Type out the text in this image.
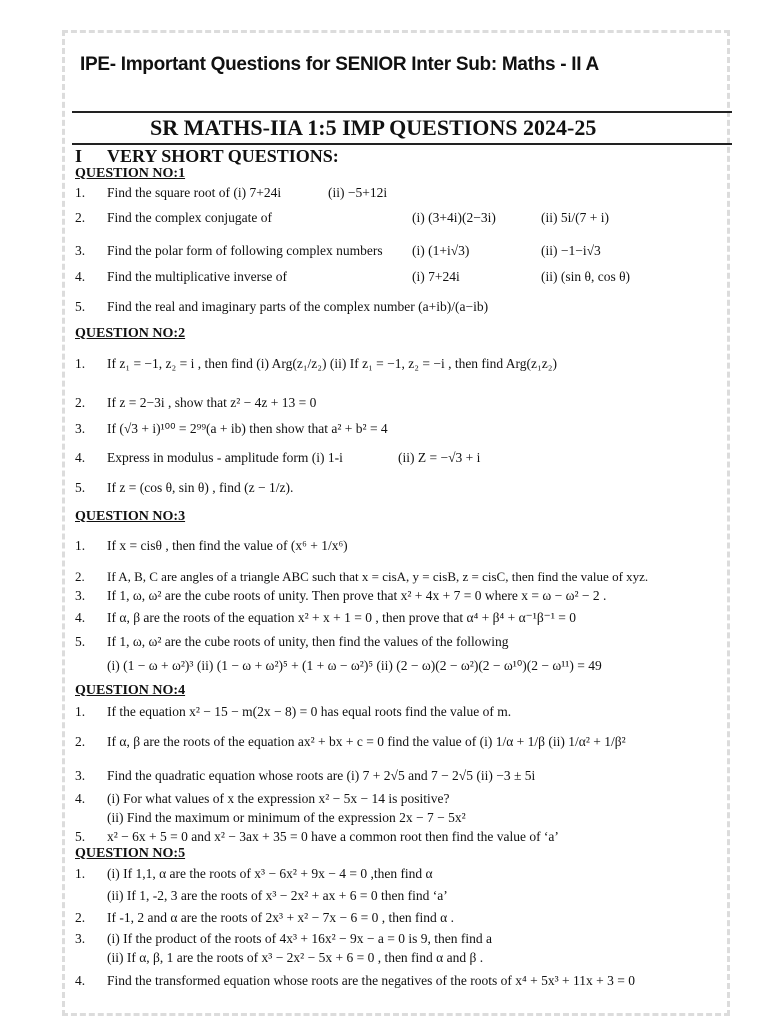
IPE- Important Questions for SENIOR Inter Sub: Maths - II A
SR MATHS-IIA 1:5 IMP QUESTIONS 2024-25
I VERY SHORT QUESTIONS:
QUESTION NO:1
1. Find the square root of (i) 7+24i	(ii) −5+12i
2. Find the complex conjugate of	(i) (3+4i)(2−3i)	(ii) 5i/(7 + i)
3. Find the polar form of following complex numbers (i) (1+i√3)	(ii) −1−i√3
4. Find the multiplicative inverse of	(i) 7+24i	(ii) (sin θ, cos θ)
5. Find the real and imaginary parts of the complex number (a+ib)/(a−ib)
QUESTION NO:2
1. If z₁ = −1, z₂ = i , then find (i) Arg(z₁/z₂) (ii) If z₁ = −1, z₂ = −i , then find Arg(z₁z₂)
2. If z = 2−3i , show that z² − 4z + 13 = 0
3. If (√3 + i)¹⁰⁰ = 2⁹⁹(a + ib) then show that a² + b² = 4
4. Express in modulus - amplitude form (i) 1-i	(ii) Z = −√3 + i
5. If z = (cos θ, sin θ) , find (z − 1/z).
QUESTION NO:3
1. If x = cisθ , then find the value of (x⁶ + 1/x⁶)
2. If A, B, C are angles of a triangle ABC such that x = cisA, y = cisB, z = cisC, then find the value of xyz.
3. If 1, ω, ω² are the cube roots of unity. Then prove that x² + 4x + 7 = 0 where x = ω − ω² − 2 .
4. If α, β are the roots of the equation x² + x + 1 = 0 , then prove that α⁴ + β⁴ + α⁻¹β⁻¹ = 0
5. If 1, ω, ω² are the cube roots of unity, then find the values of the following
(i) (1 − ω + ω²)³ (ii) (1 − ω + ω²)⁵ + (1 + ω − ω²)⁵ (ii) (2 − ω)(2 − ω²)(2 − ω¹⁰)(2 − ω¹¹) = 49
QUESTION NO:4
1. If the equation x² − 15 − m(2x − 8) = 0 has equal roots find the value of m.
2. If α, β are the roots of the equation ax² + bx + c = 0 find the value of (i) 1/α + 1/β (ii) 1/α² + 1/β²
3. Find the quadratic equation whose roots are (i) 7 + 2√5 and 7 − 2√5 (ii) −3 ± 5i
4. (i) For what values of x the expression x² − 5x − 14 is positive?
(ii) Find the maximum or minimum of the expression 2x − 7 − 5x²
5. x² − 6x + 5 = 0 and x² − 3ax + 35 = 0 have a common root then find the value of ‘a’
QUESTION NO:5
1. (i) If 1,1, α are the roots of x³ − 6x² + 9x − 4 = 0 ,then find α
(ii) If 1, -2, 3 are the roots of x³ − 2x² + ax + 6 = 0 then find ‘a’
2. If -1, 2 and α are the roots of 2x³ + x² − 7x − 6 = 0 , then find α .
3. (i) If the product of the roots of 4x³ + 16x² − 9x − a = 0 is 9, then find a
(ii) If α, β, 1 are the roots of x³ − 2x² − 5x + 6 = 0 , then find α and β .
4. Find the transformed equation whose roots are the negatives of the roots of x⁴ + 5x³ + 11x + 3 = 0
